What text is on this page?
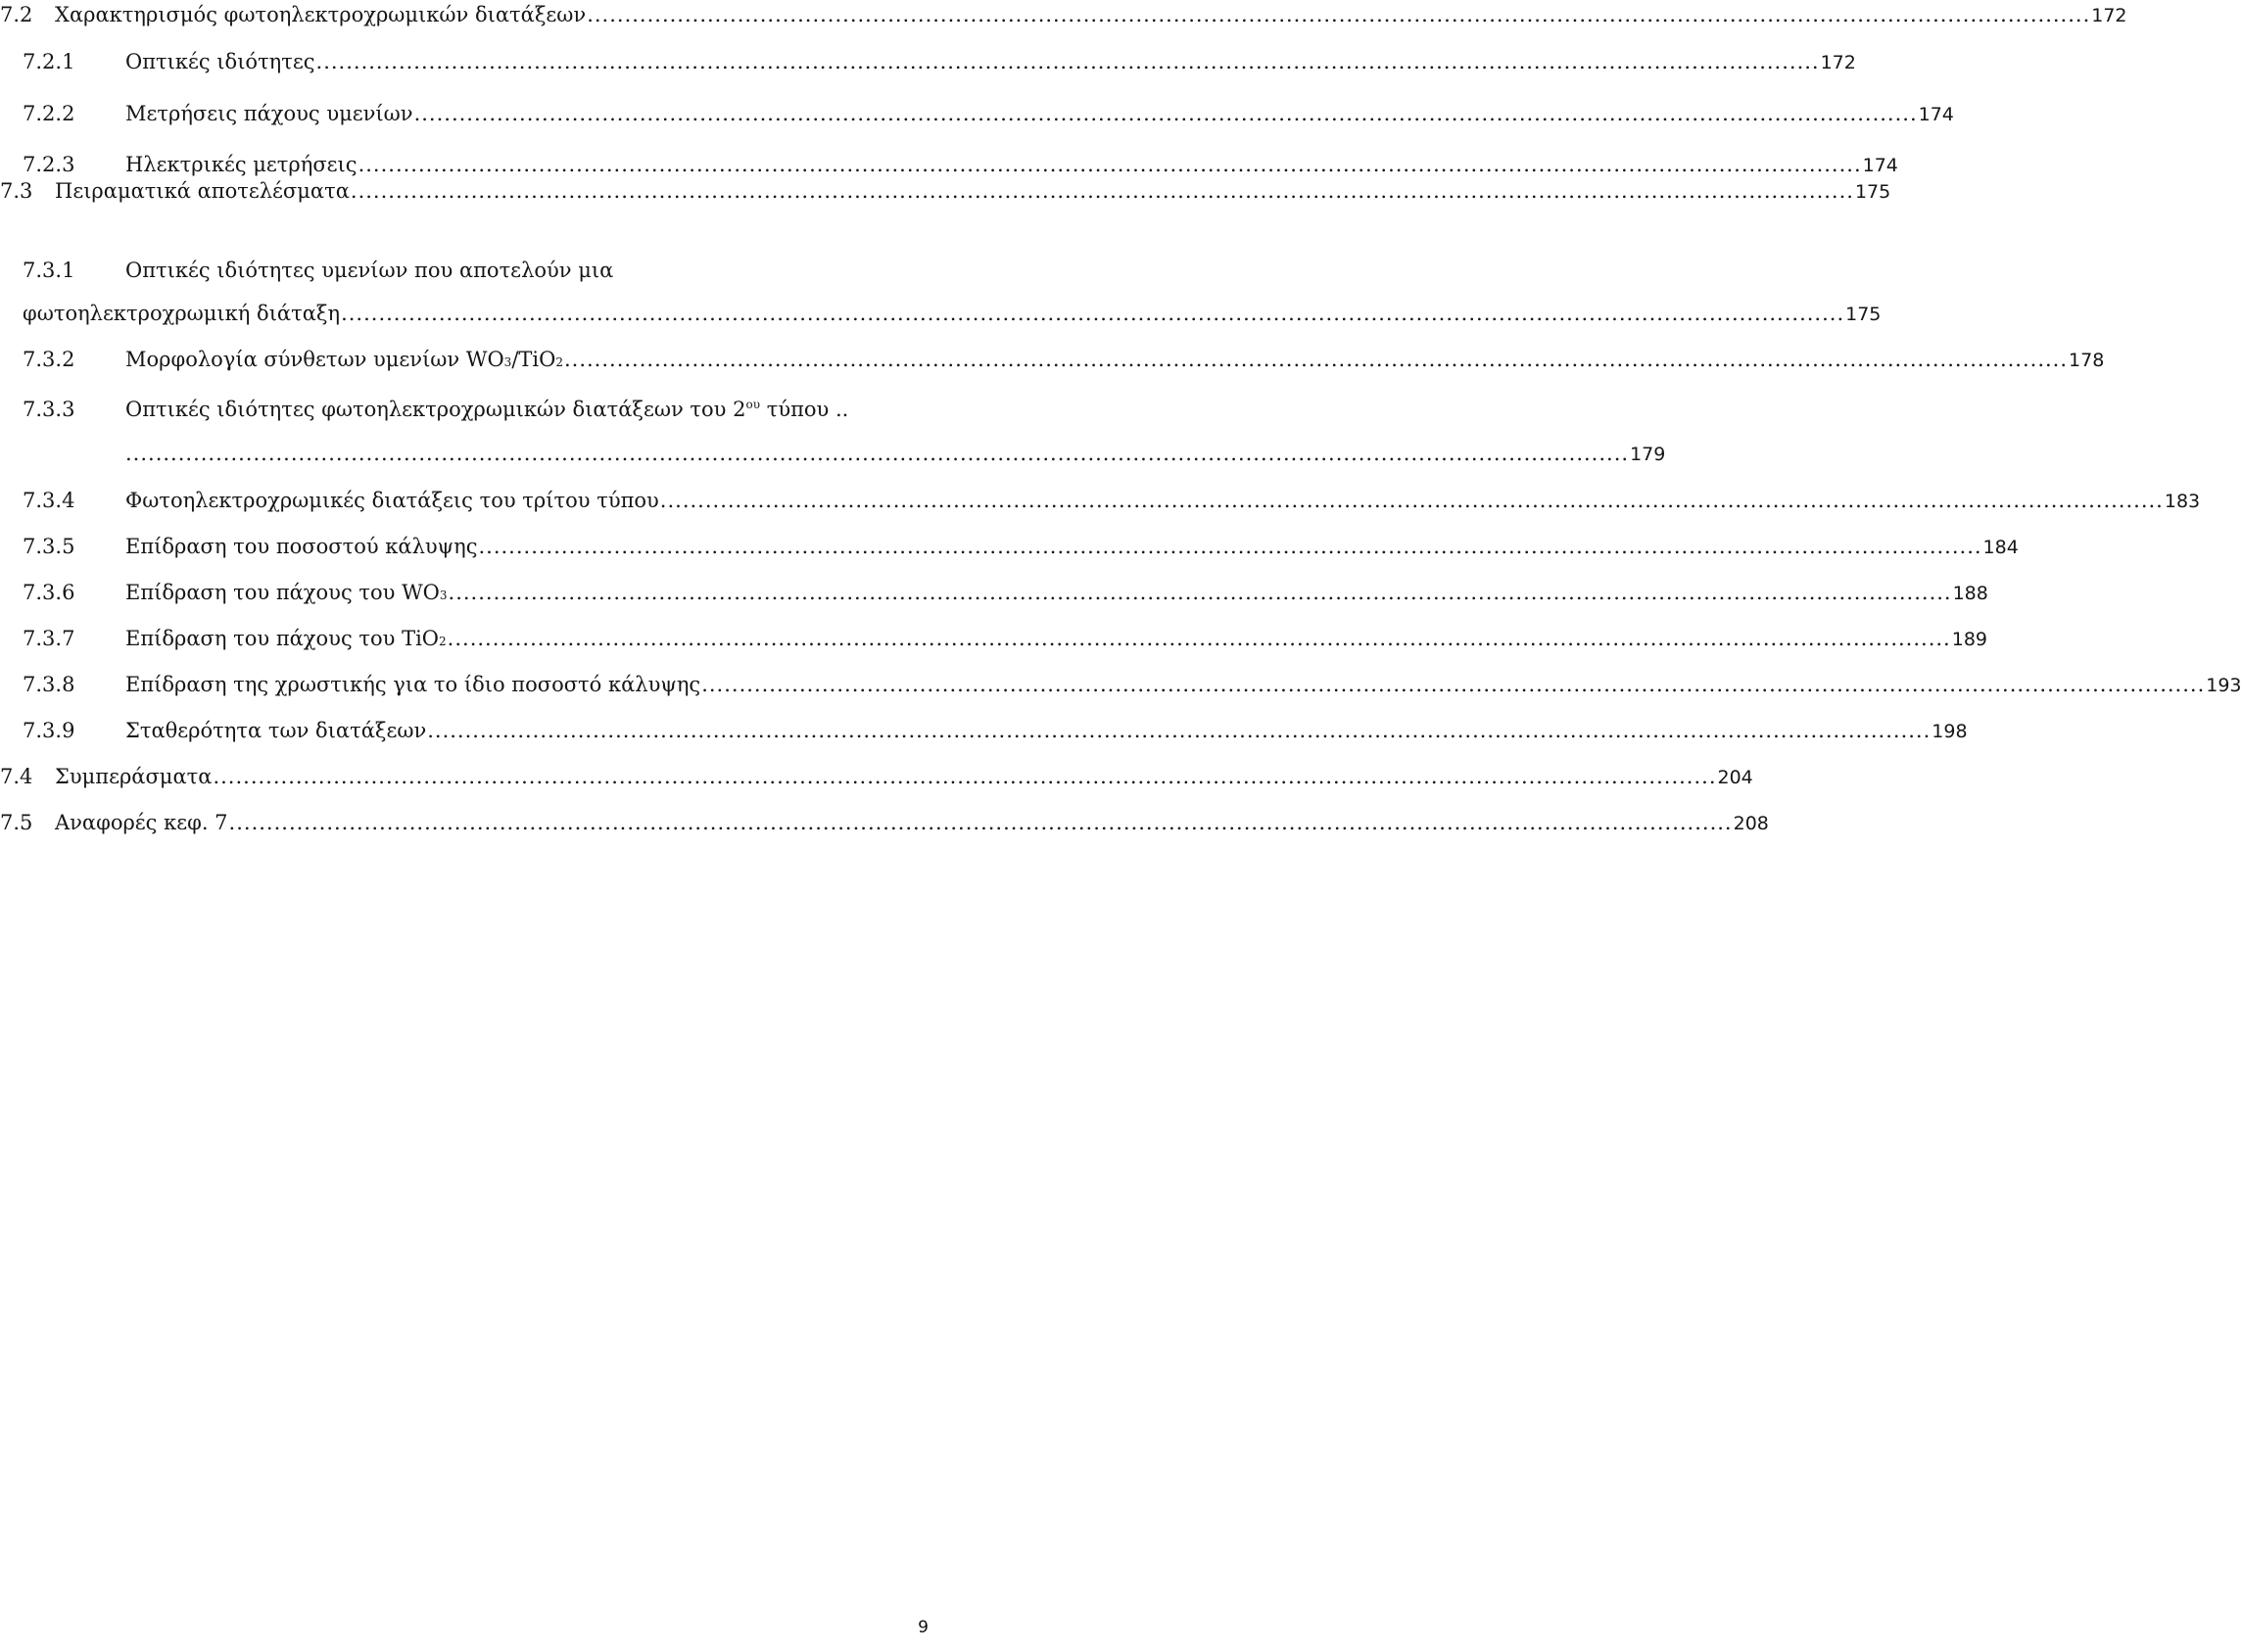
7.2 Χαρακτηρισμός φωτοηλεκτροχρωμικών διατάξεων ........................................................................................................................................................................................................ 172
7.2.1 Οπτικές ιδιότητες ........................................................................................................................................................................................................ 172
7.2.2 Μετρήσεις πάχους υμενίων ........................................................................................................................................................................................................ 174
7.2.3 Ηλεκτρικές μετρήσεις ........................................................................................................................................................................................................ 174
7.3 Πειραματικά αποτελέσματα ........................................................................................................................................................................................................ 175
7.3.1 Οπτικές ιδιότητες υμενίων που αποτελούν μια
φωτοηλεκτροχρωμική διάταξη ........................................................................................................................................................................................................ 175
7.3.2 Μορφολογία σύνθετων υμενίων WO3/TiO2 ........................................................................................................................................................................................................ 178
7.3.3 Οπτικές ιδιότητες φωτοηλεκτροχρωμικών διατάξεων του $2^{o\upsilon}$ τύπου ..
........................................................................................................................................................................................................ 179
7.3.4 Φωτοηλεκτροχρωμικές διατάξεις του τρίτου τύπου ........................................................................................................................................................................................................ 183
7.3.5 Επίδραση του ποσοστού κάλυψης ........................................................................................................................................................................................................ 184
7.3.6 Επίδραση του πάχους του WO3 ........................................................................................................................................................................................................ 188
7.3.7 Επίδραση του πάχους του TiO2 ........................................................................................................................................................................................................ 189
7.3.8 Επίδραση της χρωστικής για το ίδιο ποσοστό κάλυψης ........................................................................................................................................................................................................ 193
7.3.9 Σταθερότητα των διατάξεων ........................................................................................................................................................................................................ 198
7.4 Συμπεράσματα ........................................................................................................................................................................................................ 204
7.5 Αναφορές κεφ. 7 ........................................................................................................................................................................................................ 208
9
